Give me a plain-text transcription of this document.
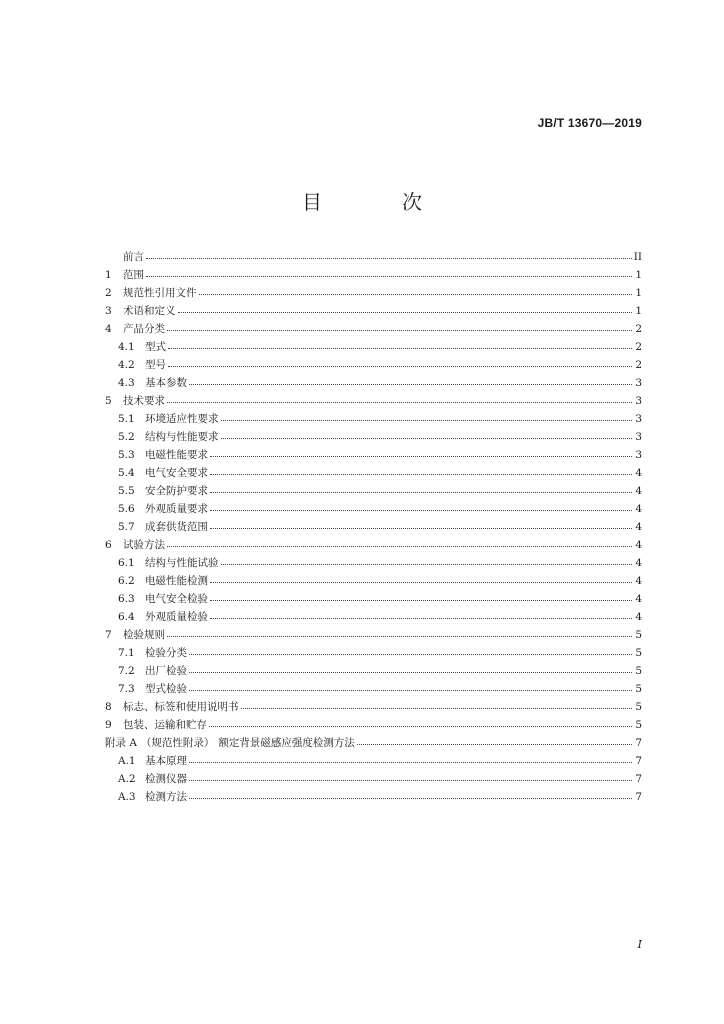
JB/T 13670—2019
目　次
前言	II
1	范围	1
2	规范性引用文件	1
3	术语和定义	1
4	产品分类	2
4.1 型式	2
4.2 型号	2
4.3 基本参数	3
5	技术要求	3
5.1 环境适应性要求	3
5.2 结构与性能要求	3
5.3 电磁性能要求	3
5.4 电气安全要求	4
5.5 安全防护要求	4
5.6 外观质量要求	4
5.7 成套供货范围	4
6	试验方法	4
6.1 结构与性能试验	4
6.2 电磁性能检测	4
6.3 电气安全检验	4
6.4 外观质量检验	4
7	检验规则	5
7.1 检验分类	5
7.2 出厂检验	5
7.3 型式检验	5
8	标志、标签和使用说明书	5
9	包装、运输和贮存	5
附录 A （规范性附录） 额定背景磁感应强度检测方法	7
A.1 基本原理	7
A.2 检测仪器	7
A.3 检测方法	7
I
